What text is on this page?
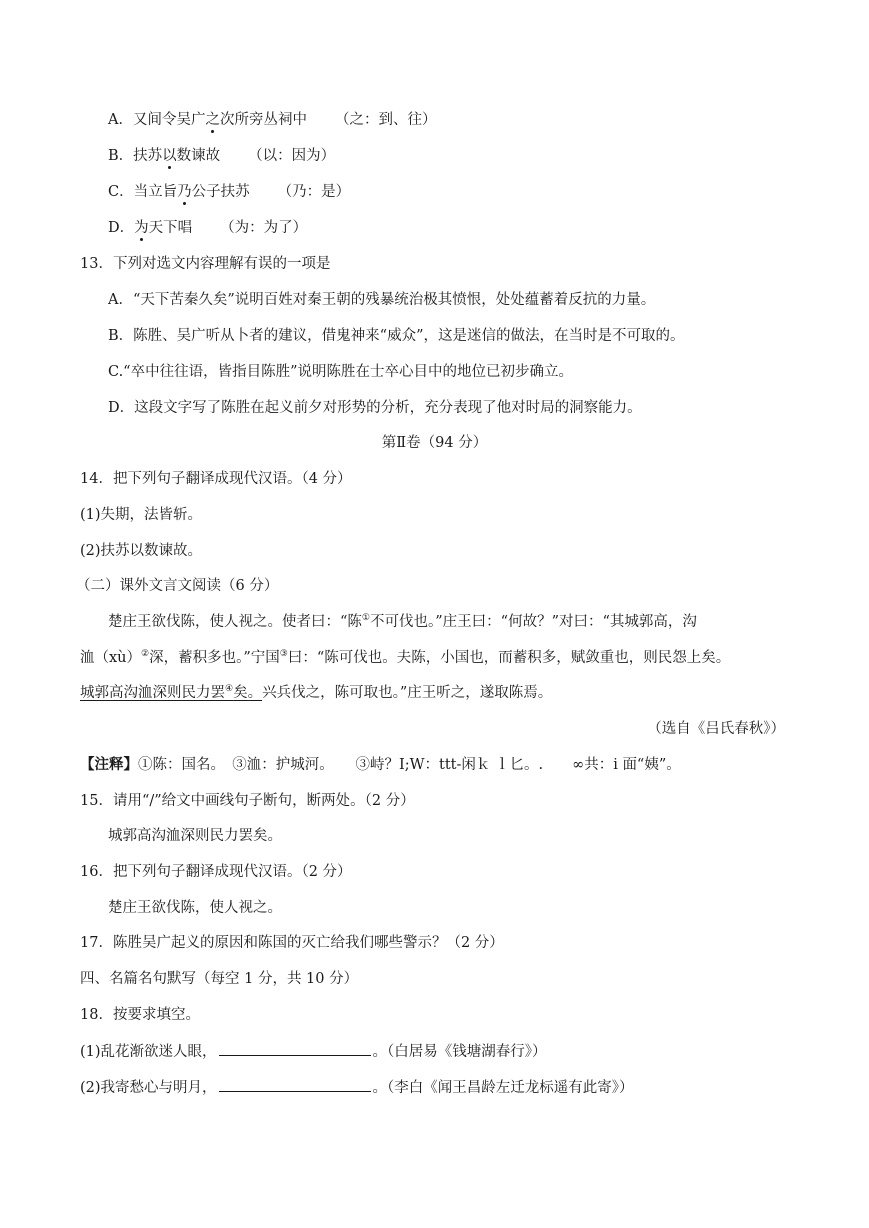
A．又间令吴广之次所旁丛祠中 （之：到、往）
B．扶苏以数谏故 （以：因为）
C．当立旨乃公子扶苏 （乃：是）
D．为天下唱 （为：为了）
13．下列对选文内容理解有误的一项是
A．“天下苦秦久矣”说明百姓对秦王朝的残暴统治极其愤恨，处处蕴蓄着反抗的力量。
B．陈胜、吴广听从卜者的建议，借鬼神来“威众”，这是迷信的做法，在当时是不可取的。
C.“卒中往往语，皆指目陈胜”说明陈胜在士卒心目中的地位已初步确立。
D．这段文字写了陈胜在起义前夕对形势的分析，充分表现了他对时局的洞察能力。
第Ⅱ卷（94 分）
14．把下列句子翻译成现代汉语。（4 分）
(1)失期，法皆斩。
(2)扶苏以数谏故。
（二）课外文言文阅读（6 分）
楚庄王欲伐陈，使人视之。使者曰：“陈①不可伐也。”庄王曰：“何故？”对曰：“其城郭高，沟
洫（xù）②深，蓄积多也。”宁国③曰：“陈可伐也。夫陈，小国也，而蓄积多，赋敛重也，则民怨上矣。
城郭高沟洫深则民力罢④矣。兴兵伐之，陈可取也。”庄王听之，遂取陈焉。
（选自《吕氏春秋》）
【注释】①陈：国名。　③洫：护城河。　　③峙？I;W：ttt-闲ｋ ｌ匕。.　　∞共：i 面“姨”。
15．请用“/”给文中画线句子断句，断两处。（2 分）
城郭高沟洫深则民力罢矣。
16．把下列句子翻译成现代汉语。（2 分）
楚庄王欲伐陈，使人视之。
17．陈胜吴广起义的原因和陈国的灭亡给我们哪些警示？（2 分）
四、名篇名句默写（每空 1 分，共 10 分）
18．按要求填空。
(1)乱花渐欲迷人眼，	。（白居易《钱塘湖春行》）
(2)我寄愁心与明月，	。（李白《闻王昌龄左迁龙标遥有此寄》）
